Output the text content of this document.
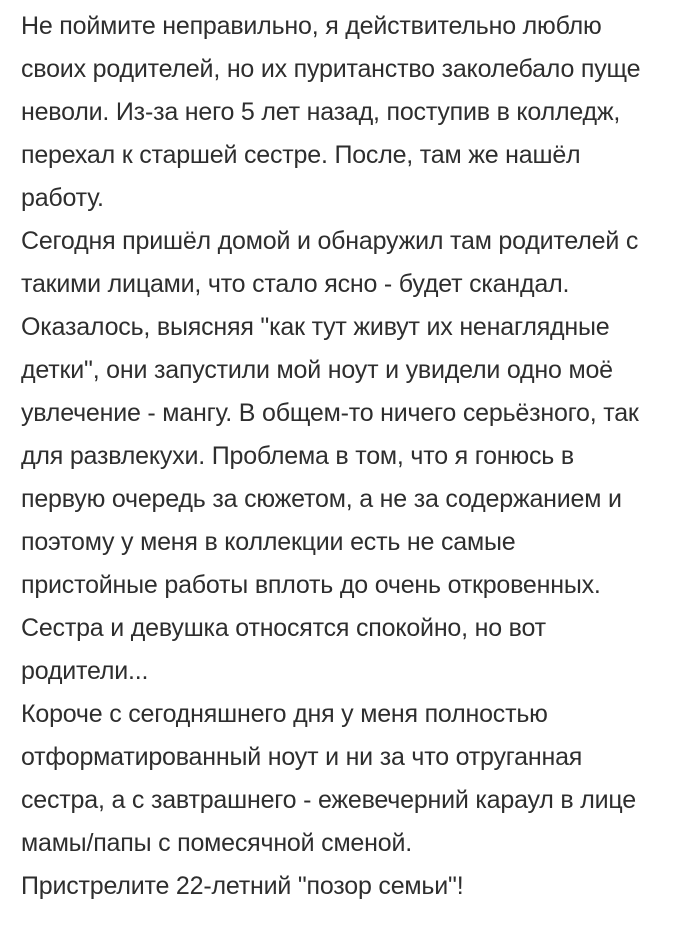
Не поймите неправильно, я действительно люблю
своих родителей, но их пуританство заколебало пуще
неволи. Из-за него 5 лет назад, поступив в колледж,
перехал к старшей сестре. После, там же нашёл
работу.
Сегодня пришёл домой и обнаружил там родителей с
такими лицами, что стало ясно - будет скандал.
Оказалось, выясняя "как тут живут их ненаглядные
детки", они запустили мой ноут и увидели одно моё
увлечение - мангу. В общем-то ничего серьёзного, так
для развлекухи. Проблема в том, что я гонюсь в
первую очередь за сюжетом, а не за содержанием и
поэтому у меня в коллекции есть не самые
пристойные работы вплоть до очень откровенных.
Сестра и девушка относятся спокойно, но вот
родители...
Короче с сегодняшнего дня у меня полностью
отформатированный ноут и ни за что отруганная
сестра, а с завтрашнего - ежевечерний караул в лице
мамы/папы с помесячной сменой.
Пристрелите 22-летний "позор семьи"!
